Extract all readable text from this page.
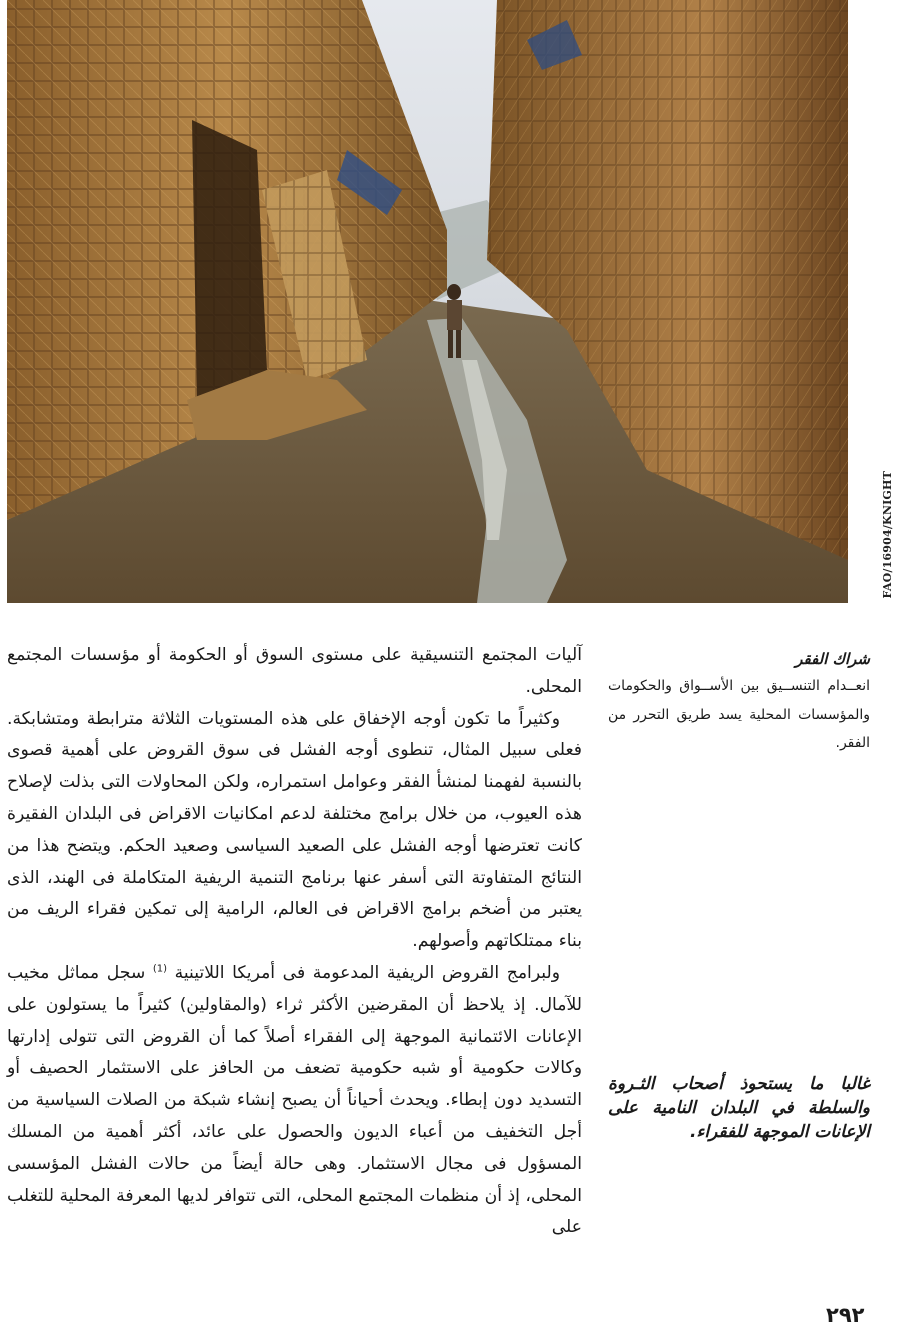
FAO/16904/KNIGHT

آليات المجتمع التنسيقية على مستوى السوق أو الحكومة أو مؤسسات المجتمع المحلى.

وكثيراً ما تكون أوجه الإخفاق على هذه المستويات الثلاثة مترابطة ومتشابكة. فعلى سبيل المثال، تنطوى أوجه الفشل فى سوق القروض على أهمية قصوى بالنسبة لفهمنا لمنشأ الفقر وعوامل استمراره، ولكن المحاولات التى بذلت لإصلاح هذه العيوب، من خلال برامج مختلفة لدعم امكانيات الاقراض فى البلدان الفقيرة كانت تعترضها أوجه الفشل على الصعيد السياسى وصعيد الحكم. ويتضح هذا من النتائج المتفاوتة التى أسفر عنها برنامج التنمية الريفية المتكاملة فى الهند، الذى يعتبر من أضخم برامج الاقراض فى العالم، الرامية إلى تمكين فقراء الريف من بناء ممتلكاتهم وأصولهم.

ولبرامج القروض الريفية المدعومة فى أمريكا اللاتينية $^{(1)}$ سجل مماثل مخيب للآمال. إذ يلاحظ أن المقرضين الأكثر ثراء (والمقاولين) كثيراً ما يستولون على الإعانات الائتمانية الموجهة إلى الفقراء أصلاً كما أن القروض التى تتولى إدارتها وكالات حكومية أو شبه حكومية تضعف من الحافز على الاستثمار الحصيف أو التسديد دون إبطاء. ويحدث أحياناً أن يصبح إنشاء شبكة من الصلات السياسية من أجل التخفيف من أعباء الديون والحصول على عائد، أكثر أهمية من المسلك المسؤول فى مجال الاستثمار. وهى حالة أيضاً من حالات الفشل المؤسسى المحلى، إذ أن منظمات المجتمع المحلى، التى تتوافر لديها المعرفة المحلية للتغلب على

شراك الفقر
انعــدام التنســيق بين الأســواق والحكومات والمؤسسات المحلية يسد طريق التحرر من الفقر.
غالبا ما يستحوذ أصحاب الثـروة والسلطة في البلدان النامية على الإعانات الموجهة للفقراء.
٢٩٢
